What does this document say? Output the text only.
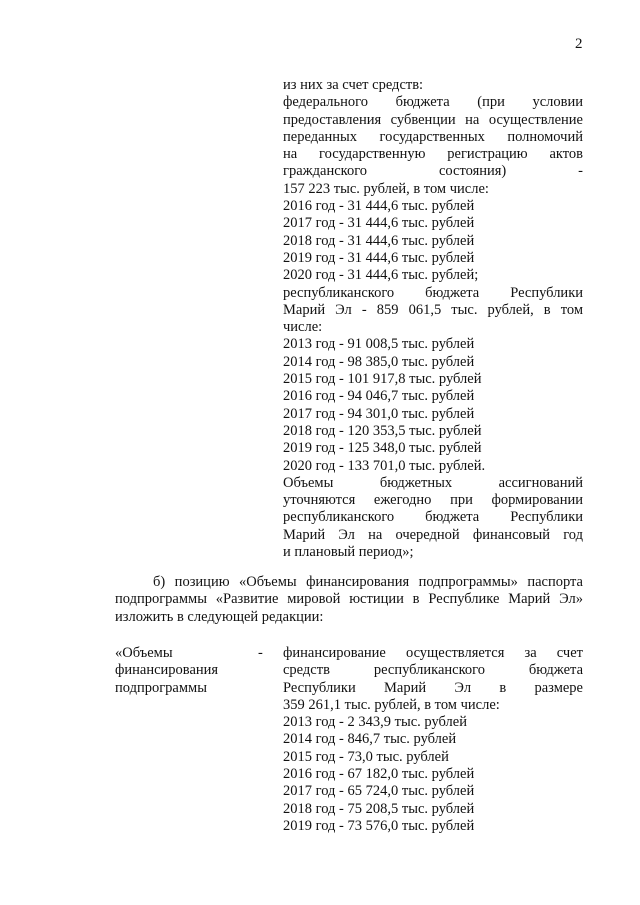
2
из них за счет средств:
федерального бюджета (при условии
предоставления субвенции на осуществление
переданных государственных полномочий
на государственную регистрацию актов
гражданского состояния) -
157 223 тыс. рублей, в том числе:
2016 год - 31 444,6 тыс. рублей
2017 год - 31 444,6 тыс. рублей
2018 год - 31 444,6 тыс. рублей
2019 год - 31 444,6 тыс. рублей
2020 год - 31 444,6 тыс. рублей;
республиканского бюджета Республики
Марий Эл - 859 061,5 тыс. рублей, в том
числе:
2013 год - 91 008,5 тыс. рублей
2014 год - 98 385,0 тыс. рублей
2015 год - 101 917,8 тыс. рублей
2016 год - 94 046,7 тыс. рублей
2017 год - 94 301,0 тыс. рублей
2018 год - 120 353,5 тыс. рублей
2019 год - 125 348,0 тыс. рублей
2020 год - 133 701,0 тыс. рублей.
Объемы бюджетных ассигнований
уточняются ежегодно при формировании
республиканского бюджета Республики
Марий Эл на очередной финансовый год
и плановый период»;
б) позицию «Объемы финансирования подпрограммы» паспорта
подпрограммы «Развитие мировой юстиции в Республике Марий Эл»
изложить в следующей редакции:
«Объемы
финансирования
подпрограммы
- финансирование осуществляется за счет
средств республиканского бюджета
Республики Марий Эл в размере
359 261,1 тыс. рублей, в том числе:
2013 год - 2 343,9 тыс. рублей
2014 год - 846,7 тыс. рублей
2015 год - 73,0 тыс. рублей
2016 год - 67 182,0 тыс. рублей
2017 год - 65 724,0 тыс. рублей
2018 год - 75 208,5 тыс. рублей
2019 год - 73 576,0 тыс. рублей
